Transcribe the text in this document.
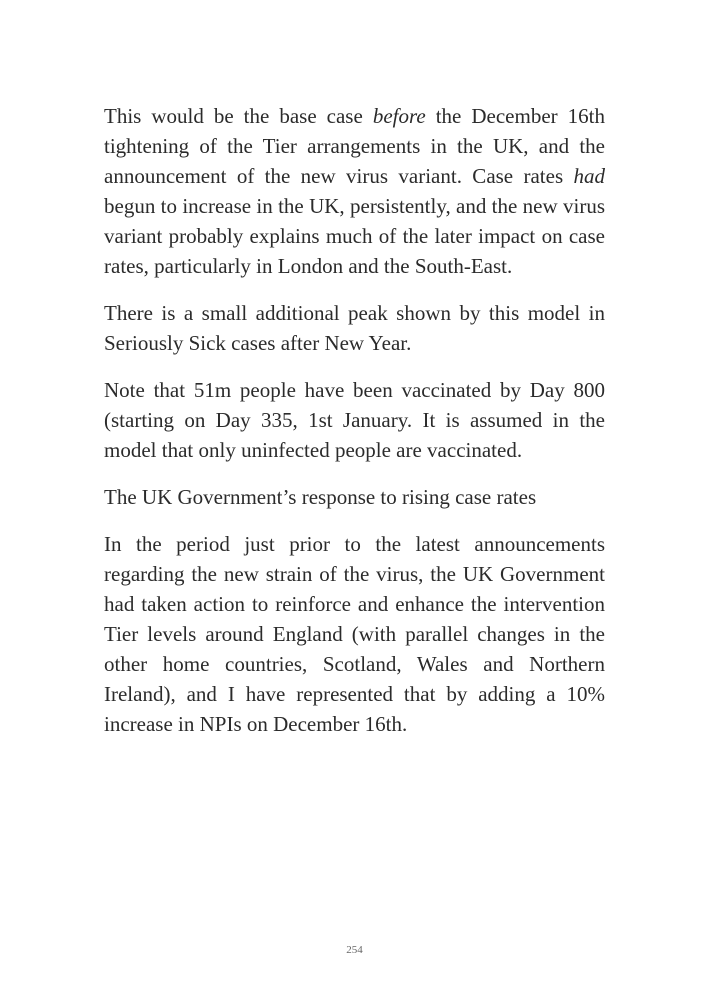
This would be the base case before the December 16th tightening of the Tier arrangements in the UK, and the announcement of the new virus variant. Case rates had begun to increase in the UK, persistently, and the new virus variant probably explains much of the later impact on case rates, particularly in London and the South-East.

There is a small additional peak shown by this model in Seriously Sick cases after New Year.

Note that 51m people have been vaccinated by Day 800 (starting on Day 335, 1st January. It is assumed in the model that only uninfected people are vaccinated.

The UK Government’s response to rising case rates

In the period just prior to the latest announcements regarding the new strain of the virus, the UK Government had taken action to reinforce and enhance the intervention Tier levels around England (with parallel changes in the other home countries, Scotland, Wales and Northern Ireland), and I have represented that by adding a 10% increase in NPIs on December 16th.

254
